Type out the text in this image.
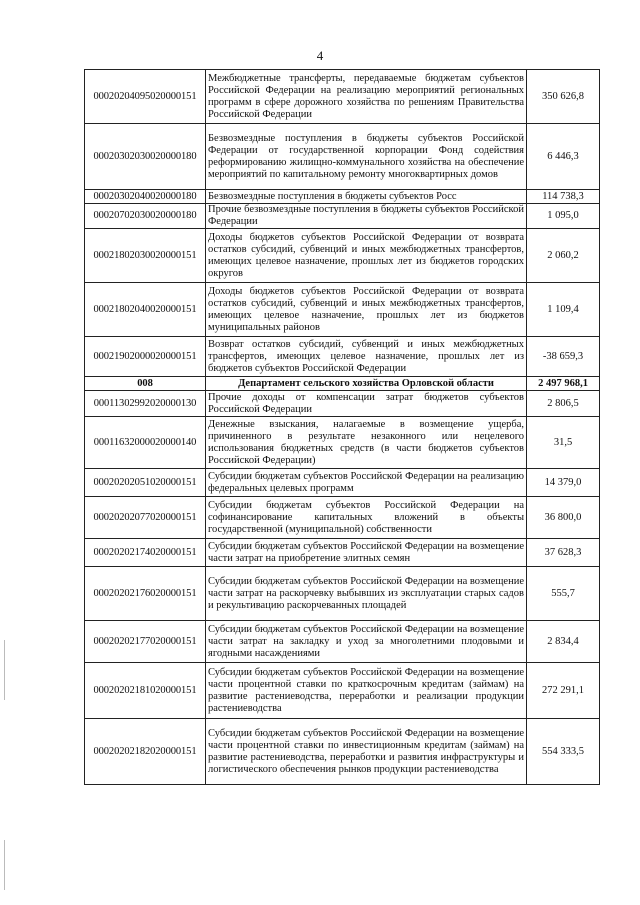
4
00020204095020000151	Межбюджетные трансферты, передаваемые бюджетам субъектов Российской Федерации на реализацию мероприятий региональных программ в сфере дорожного хозяйства по решениям Правительства Российской Федерации	350 626,8
00020302030020000180	Безвозмездные поступления в бюджеты субъектов Российской Федерации от государственной корпорации Фонд содействия реформированию жилищно-коммунального хозяйства на обеспечение мероприятий по капитальному ремонту многоквартирных домов	6 446,3
00020302040020000180	Безвозмездные поступления в бюджеты субъектов Росс	114 738,3
00020702030020000180	Прочие безвозмездные поступления в бюджеты субъектов Российской Федерации	1 095,0
00021802030020000151	Доходы бюджетов субъектов Российской Федерации от возврата остатков субсидий, субвенций и иных межбюджетных трансфертов, имеющих целевое назначение, прошлых лет из бюджетов городских округов	2 060,2
00021802040020000151	Доходы бюджетов субъектов Российской Федерации от возврата остатков субсидий, субвенций и иных межбюджетных трансфертов, имеющих целевое назначение, прошлых лет из бюджетов муниципальных районов	1 109,4
00021902000020000151	Возврат остатков субсидий, субвенций и иных межбюджетных трансфертов, имеющих целевое назначение, прошлых лет из бюджетов субъектов Российской Федерации	-38 659,3
008	Департамент сельского хозяйства Орловской области	2 497 968,1
00011302992020000130	Прочие доходы от компенсации затрат бюджетов субъектов Российской Федерации	2 806,5
00011632000020000140	Денежные взыскания, налагаемые в возмещение ущерба, причиненного в результате незаконного или нецелевого использования бюджетных средств (в части бюджетов субъектов Российской Федерации)	31,5
00020202051020000151	Субсидии бюджетам субъектов Российской Федерации на реализацию федеральных целевых программ	14 379,0
00020202077020000151	Субсидии бюджетам субъектов Российской Федерации на софинансирование капитальных вложений в объекты государственной (муниципальной) собственности	36 800,0
00020202174020000151	Субсидии бюджетам субъектов Российской Федерации на возмещение части затрат на приобретение элитных семян	37 628,3
00020202176020000151	Субсидии бюджетам субъектов Российской Федерации на возмещение части затрат на раскорчевку выбывших из эксплуатации старых садов и рекультивацию раскорчеванных площадей	555,7
00020202177020000151	Субсидии бюджетам субъектов Российской Федерации на возмещение части затрат на закладку и уход за многолетними плодовыми и ягодными насаждениями	2 834,4
00020202181020000151	Субсидии бюджетам субъектов Российской Федерации на возмещение части процентной ставки по краткосрочным кредитам (займам) на развитие растениеводства, переработки и реализации продукции растениеводства	272 291,1
00020202182020000151	Субсидии бюджетам субъектов Российской Федерации на возмещение части процентной ставки по инвестиционным кредитам (займам) на развитие растениеводства, переработки и развития инфраструктуры и логистического обеспечения рынков продукции растениеводства	554 333,5
